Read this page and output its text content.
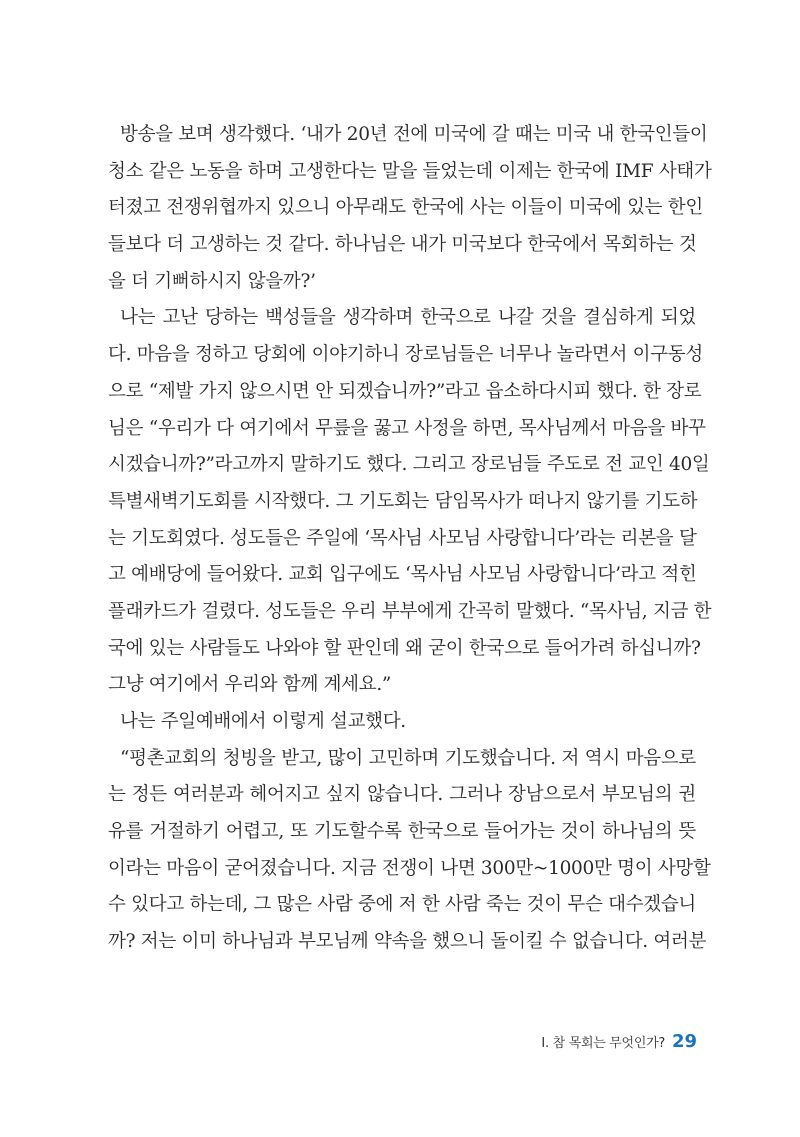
방송을 보며 생각했다. ‘내가 20년 전에 미국에 갈 때는 미국 내 한국인들이
청소 같은 노동을 하며 고생한다는 말을 들었는데 이제는 한국에 IMF 사태가
터졌고 전쟁위협까지 있으니 아무래도 한국에 사는 이들이 미국에 있는 한인
들보다 더 고생하는 것 같다. 하나님은 내가 미국보다 한국에서 목회하는 것
을 더 기뻐하시지 않을까?’
나는 고난 당하는 백성들을 생각하며 한국으로 나갈 것을 결심하게 되었
다. 마음을 정하고 당회에 이야기하니 장로님들은 너무나 놀라면서 이구동성
으로 “제발 가지 않으시면 안 되겠습니까?”라고 읍소하다시피 했다. 한 장로
님은 “우리가 다 여기에서 무릎을 꿇고 사정을 하면, 목사님께서 마음을 바꾸
시겠습니까?”라고까지 말하기도 했다. 그리고 장로님들 주도로 전 교인 40일
특별새벽기도회를 시작했다. 그 기도회는 담임목사가 떠나지 않기를 기도하
는 기도회였다. 성도들은 주일에 ‘목사님 사모님 사랑합니다’라는 리본을 달
고 예배당에 들어왔다. 교회 입구에도 ‘목사님 사모님 사랑합니다’라고 적힌
플래카드가 걸렸다. 성도들은 우리 부부에게 간곡히 말했다. “목사님, 지금 한
국에 있는 사람들도 나와야 할 판인데 왜 굳이 한국으로 들어가려 하십니까?
그냥 여기에서 우리와 함께 계세요.”
나는 주일예배에서 이렇게 설교했다.
“평촌교회의 청빙을 받고, 많이 고민하며 기도했습니다. 저 역시 마음으로
는 정든 여러분과 헤어지고 싶지 않습니다. 그러나 장남으로서 부모님의 권
유를 거절하기 어렵고, 또 기도할수록 한국으로 들어가는 것이 하나님의 뜻
이라는 마음이 굳어졌습니다. 지금 전쟁이 나면 300만~1000만 명이 사망할
수 있다고 하는데, 그 많은 사람 중에 저 한 사람 죽는 것이 무슨 대수겠습니
까? 저는 이미 하나님과 부모님께 약속을 했으니 돌이킬 수 없습니다. 여러분
I. 참 목회는 무엇인가? 29
